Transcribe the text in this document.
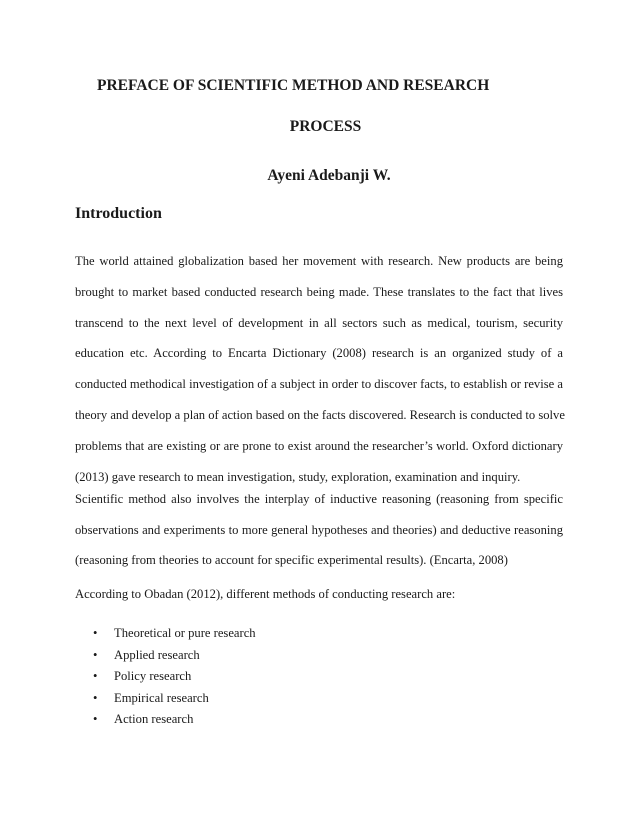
PREFACE OF SCIENTIFIC METHOD AND RESEARCH
PROCESS
Ayeni Adebanji W.
Introduction
The world attained globalization based her movement with research. New products are being
brought to market based conducted research being made. These translates to the fact that lives
transcend to the next level of development in all sectors such as medical, tourism, security
education etc. According to Encarta Dictionary (2008) research is an organized study of a
conducted methodical investigation of a subject in order to discover facts, to establish or revise a
theory and develop a plan of action based on the facts discovered. Research is conducted to solve
problems that are existing or are prone to exist around the researcher’s world. Oxford dictionary
(2013) gave research to mean investigation, study, exploration, examination and inquiry.
Scientific method also involves the interplay of inductive reasoning (reasoning from specific
observations and experiments to more general hypotheses and theories) and deductive reasoning
(reasoning from theories to account for specific experimental results). (Encarta, 2008)
According to Obadan (2012), different methods of conducting research are:
•	Theoretical or pure research
•	Applied research
•	Policy research
•	Empirical research
•	Action research
